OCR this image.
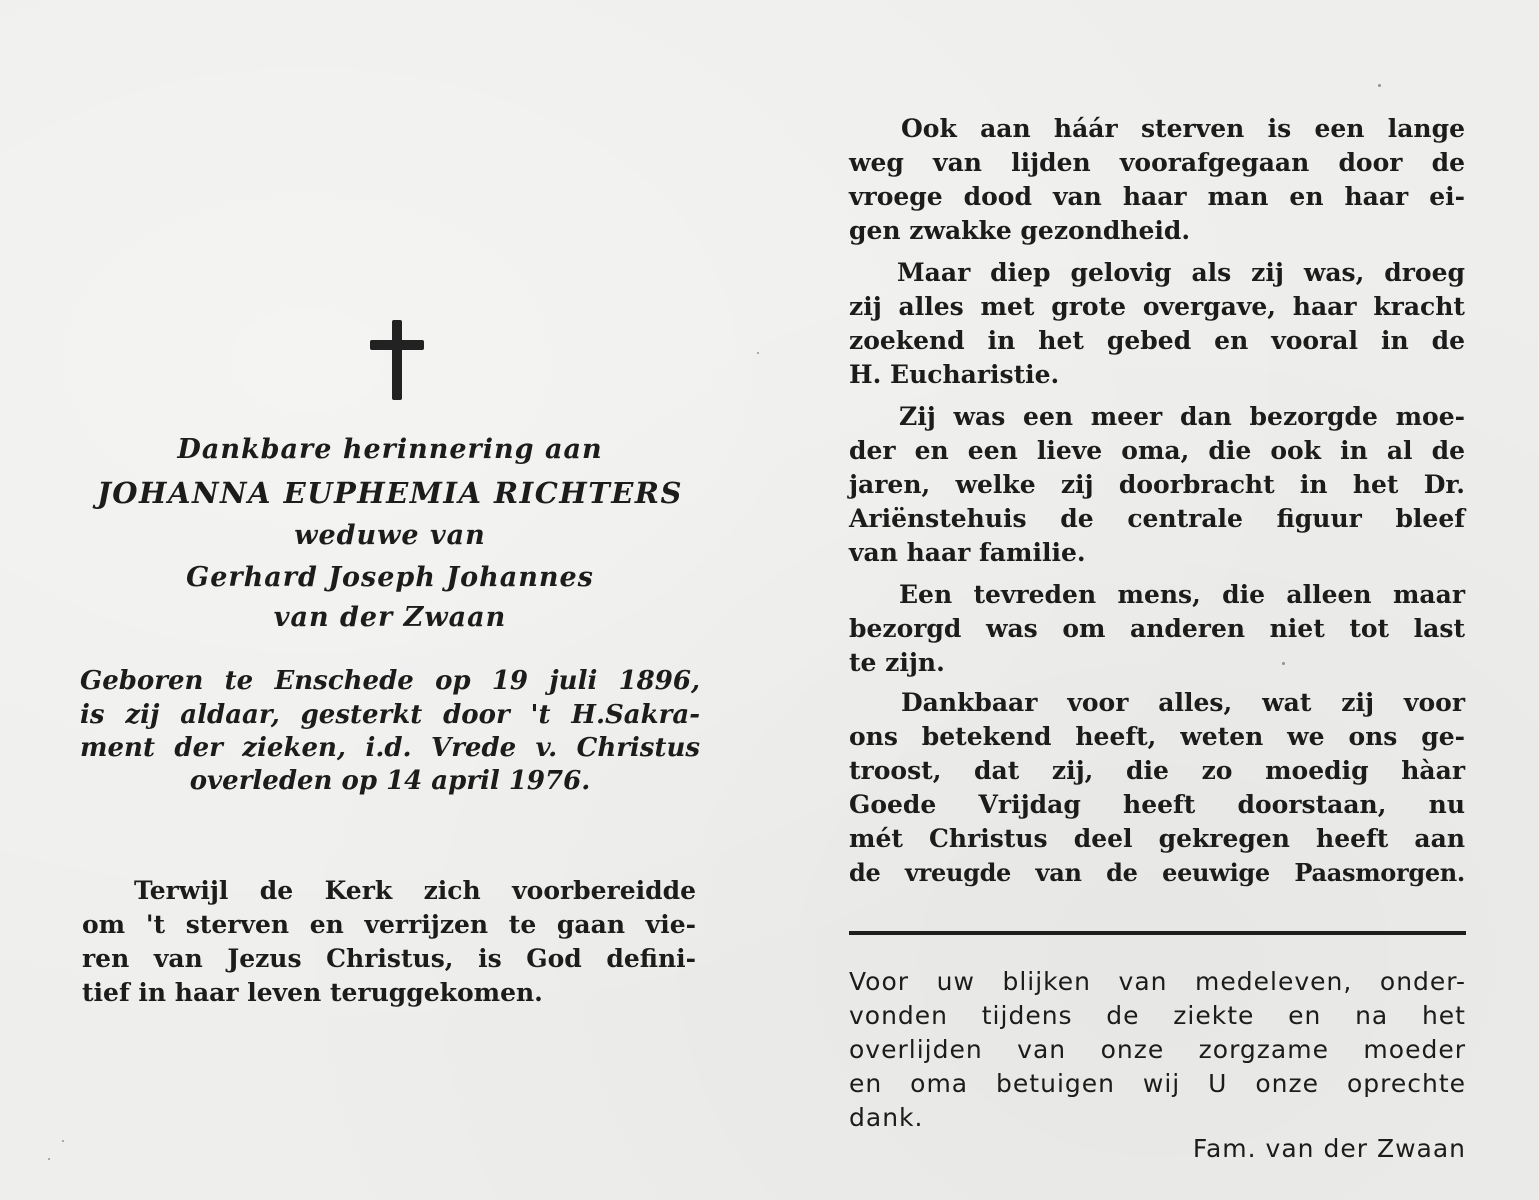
Dankbare herinnering aan
JOHANNA EUPHEMIA RICHTERS
weduwe van
Gerhard Joseph Johannes
van der Zwaan
Geboren te Enschede op 19 juli 1896,
is zij aldaar, gesterkt door 't H.Sakra-
ment der zieken, i.d. Vrede v. Christus
overleden op 14 april 1976.
Terwijl de Kerk zich voorbereidde
om 't sterven en verrijzen te gaan vie-
ren van Jezus Christus, is God defini-
tief in haar leven teruggekomen.
Ook aan háár sterven is een lange
weg van lijden voorafgegaan door de
vroege dood van haar man en haar ei-
gen zwakke gezondheid.
Maar diep gelovig als zij was, droeg
zij alles met grote overgave, haar kracht
zoekend in het gebed en vooral in de
H. Eucharistie.
Zij was een meer dan bezorgde moe-
der en een lieve oma, die ook in al de
jaren, welke zij doorbracht in het Dr.
Ariënstehuis de centrale figuur bleef
van haar familie.
Een tevreden mens, die alleen maar
bezorgd was om anderen niet tot last
te zijn.
Dankbaar voor alles, wat zij voor
ons betekend heeft, weten we ons ge-
troost, dat zij, die zo moedig hàar
Goede Vrijdag heeft doorstaan, nu
mét Christus deel gekregen heeft aan
de vreugde van de eeuwige Paasmorgen.
Voor uw blijken van medeleven, onder-
vonden tijdens de ziekte en na het
overlijden van onze zorgzame moeder
en oma betuigen wij U onze oprechte
dank.
Fam. van der Zwaan
